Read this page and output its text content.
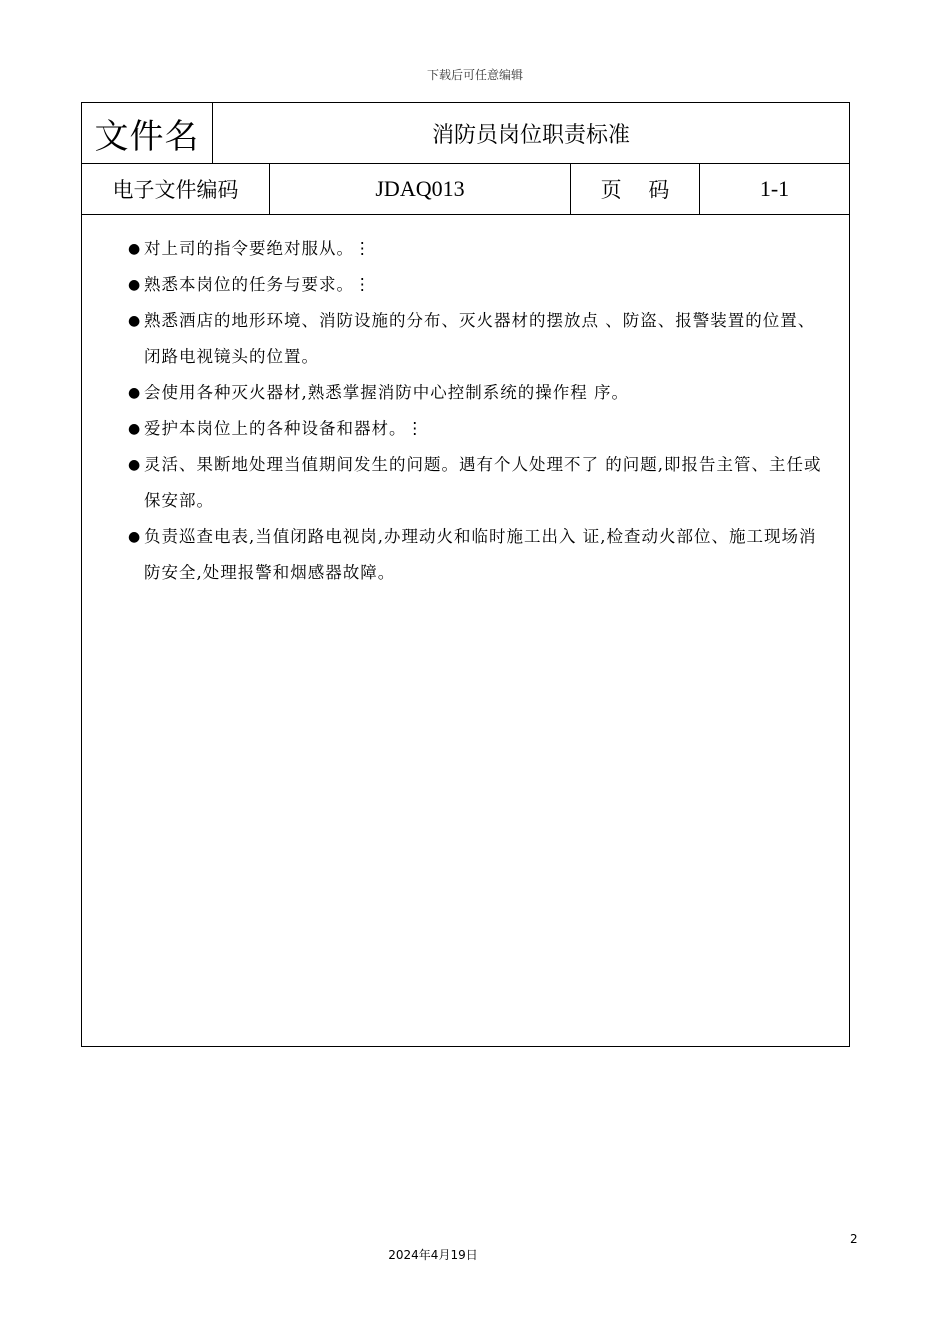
下载后可任意编辑
文件名	消防员岗位职责标准
电子文件编码	JDAQ013	页 码	1-1
● 对上司的指令要绝对服从。⋮
● 熟悉本岗位的任务与要求。⋮
● 熟悉酒店的地形环境、消防设施的分布、灭火器材的摆放点 、防盗、报警装置的位置、闭路电视镜头的位置。
● 会使用各种灭火器材,熟悉掌握消防中心控制系统的操作程 序。
● 爱护本岗位上的各种设备和器材。⋮
● 灵活、果断地处理当值期间发生的问题。遇有个人处理不了 的问题,即报告主管、主任或保安部。
● 负责巡查电表,当值闭路电视岗,办理动火和临时施工出入 证,检查动火部位、施工现场消防安全,处理报警和烟感器故障。
2
2024年4月19日
